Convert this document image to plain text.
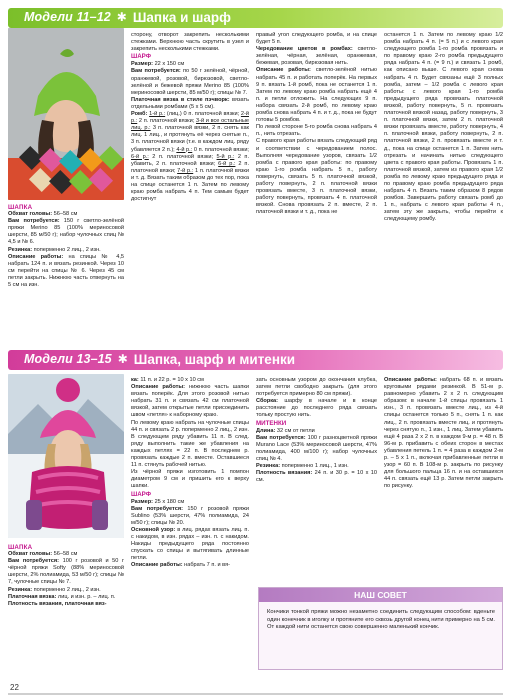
Модели 11–12 ✱ Шапка и шарф

ШАПКА

Обхват головы: 56–58 см

Вам потребуется: 150 г светло-зелёной пряжи Merino 85 (100% мериносовой шерсти, 85 м/50 г); набор чулочных спиц № 4,5 и № 6.

Резинка: поперменно 2 лиц., 2 изн.

Описание работы: на спицы № 4,5 набрать 124 п. и вязать резинкой. Через 10 см перейти на спицы № 6. Через 45 см петли закрыть. Нижнюю часть отвернуть на 5 см на изн.

сторону, отворот закрепить несколькими стежками. Верхнюю часть скрутить в узел и закрепить несколькими стежками.

ШАРФ

Размер: 22 х 150 см

Вам потребуется: по 50 г зелёной, чёрной, оранжевой, розовой, бирюзовой, светло-зелёной и бежевой пряжи Merino 85 (100% мериносовой шерсти, 85 м/50 г); спицы № 7.

Платочная вязка в стиле пэчворк: вязать отдельными ромбами (5 х 5 см).

Ромб: 1-й р.: (лиц.) 0 п. платочной вязки; 2-й р.: 2 п. платочной вязки; 3-й и все остальные лиц. р.: 3 п. платочной вязки, 2 п. снять как лиц. 1 лиц., и протянуть её через снятые п., 3 п. платочной вязки (т.е. в каждом лиц. ряду убавляется 2 п.); 4-й р.: 0 п. платочной вязки; 6-й р.: 2 п. платочной вязки; 5-й р.: 2 п. убавить, 2 п. платочной вязки; 6-й р.: 2 п. платочной вязки; 7-й р.: 1 п. платочной вязки и т. д. Вязать таким образом до тех пор, пока на спице останется 1 п. Затем по левому краю ромба набрать 4 п. Тем самым будет достигнут

правый угол следующего ромба, и на спице будет 5 п.

Чередование цветов в ромбах: светло-зелёная, чёрная, зелёная, оранжевая, бежевая, розовая, бирюзовая нить.

Описание работы: светло-зелёной нитью набрать 45 п. и работать поперёк. На первых 9 п. вязать 1-й ромб, пока не останется 1 п. Затем по левому краю ромба набрать ещё 4 п. и петли отложить. На следующих 9 п. набора связать 2-й ромб, по левому краю ромба снова набрать 4 п. и т. д., пока не будут готовы 5 ромбов.

По левой стороне 5-го ромба снова набрать 4 п., нить отрезать.

С правого края работы вязать следующий ряд и соответствии с чередованием полос. Выполняя чередование узоров, связать 1/2 ромба с правого края работы: по правому краю 1-го ромба набрать 5 п., работу повернуть, связать 5 п. платочной вязкой, работу повернуть, 2 п. платочной вязки провязать вместе, 3 п. платочной вязки, работу повернуть, провязать 4 п. платочной вязкой. Снова провязать 2 п. вместе, 2 п. платочной вязки и т. д., пока не

останется 1 п. Затем по левому краю 1/2 ромба набрать 4 п. (= 5 п.) и с левого края следующего ромба 1-го ромба провязать и по правому краю 2-го ромба предыдущего ряда набрать 4 п. (= 9 п.) и связать 1 ромб, как описано выше. С левого края снова набрать 4 п. Будет связаны ещё 3 полных ромба, затем – 1/2 ромба с левого края работы: с левого края 1-го ромба предыдущего ряда провязать платочной вязкой, работу повернуть, 5 п. провязать платочной вязкой назад, работу повернуть, 3 п. платочной вязки, затем 2 п. платочной вязки провязать вместе, работу повернуть, 4 п. платочной вязки, работу повернуть, 2 п. платочной вязки, 2 п. провязать вместе и т. д., пока на спице останется 1 п. Затем нить отрезать и начинать нитью следующего цвета с правого края работы. Провязать 1 п. платочной вязкой, затем из правого края 1/2 ромба по левому краю предыдущего ряда и по правому краю ромба предыдущего ряда набрать 4 п. Вязать таким образом 8 рядов ромбов. Завершить работу связать ромб до 1 п., набрать с левого края работы 4 п., затем эту же закрыть, чтобы перейти к следующему ромбу.

Модели 13–15 ✱ Шапка, шарф и митенки

ШАПКА

Обхват головы: 56–58 см

Вам потребуется: 100 г розовой и 50 г чёрной пряжи Softy (88% мериносовой шерсти, 2% полиамида, 53 м/50 г); спицы № 7, чулочные спицы № 7.

Резинка: поперменно 2 лиц., 2 изн.

Платочная вязка: лиц. и изн. р. – лиц. п.

Плотность вязания, платочная вяз-

ка: 11 п. и 22 р. = 10 х 10 см

Описание работы: нижнюю часть шапки вязать поперёк. Для этого розовой нитью набрать 31 п. и связать 42 см платочной вязкой, затем открытые петли присоединить швом «петля» к наборному краю.

По левому краю набрать на чулочные спицы 44 п. и связать 2 р. поперменно 2 лиц., 2 изн. В следующем ряду убавить 11 п. В след. ряду выполнить такие же убавления на каждых петлях = 22 п. В последнем р. провязать каждые 2 п. вместе. Оставшиеся 11 п. стянуть рабочей нитью.

Из чёрной пряжи изготовить 1 помпон диаметром 9 см и пришить его к верху шапки.

ШАРФ

Размер: 25 х 180 см

Вам потребуется: 150 г розовой пряжи Sublino (53% шерсти, 47% полиамида, 24 м/50 г); спицы № 20.

Основной узор: в лиц. рядах вязать лиц. п. с накидом, в изн. рядах – изн. п. с накидом. Накиды предыдущего ряда постоянно спускать со спицы и вытягивать длинные петли.

Описание работы: набрать 7 п. и вя-

зать основным узором до окончания клубка, затем петли свободно закрыть (для этого потребуется примерно 80 см пряжи).

Сборка: шарфу в начале и в конце расстояние до последнего ряда связать тольку простую нить.

МИТЕНКИ

Длина: 32 см от петли

Вам потребуется: 100 г разноцветной пряжи Murano Lace (53% мериносовой шерсти, 47% полиамида, 400 м/100 г); набор чулочных спиц № 4.

Резинка: поперменно 1 лиц., 1 изн.

Плотность вязания: 24 п. и 30 р. = 10 х 10 см.

Описание работы: набрать 68 п. и вязать круговыми рядами резинкой. В 51-м р. равномерно убавить 2 х 2 п. следующим образом: в начале 1-й спицы провязать 1 изн., 3 п. провязать вместе лиц., из 4-й спицы останется только 5 п., снять 1 п. как лиц., 2 п. провязать вместе лиц. и протянуть через снятую п., 1 изн., 1 лиц. Затем убавить ещё 4 раза 2 х 2 п. в каждом 9-м р. = 48 п. В 96-м р. прибавить с обеих сторон в местах убавления петель 1 п. = 4 раза в каждом 2-м р. – 5 х 1 п., включая прибавленные петли в узор = 60 п. В 108-м р. закрыть по рисунку для большого пальца 16 п. и на оставшихся 44 п. связать ещё 13 р. Затем петли закрыть по рисунку.

НАШ СОВЕТ
Кончики тонкой пряжи можно незаметно соединить следующим способом: вденьте один конечник в иголку и протяните его сквозь другой конец нити примерно на 5 см. От каждой нити останется свою совершенно маленький кончик.
22
